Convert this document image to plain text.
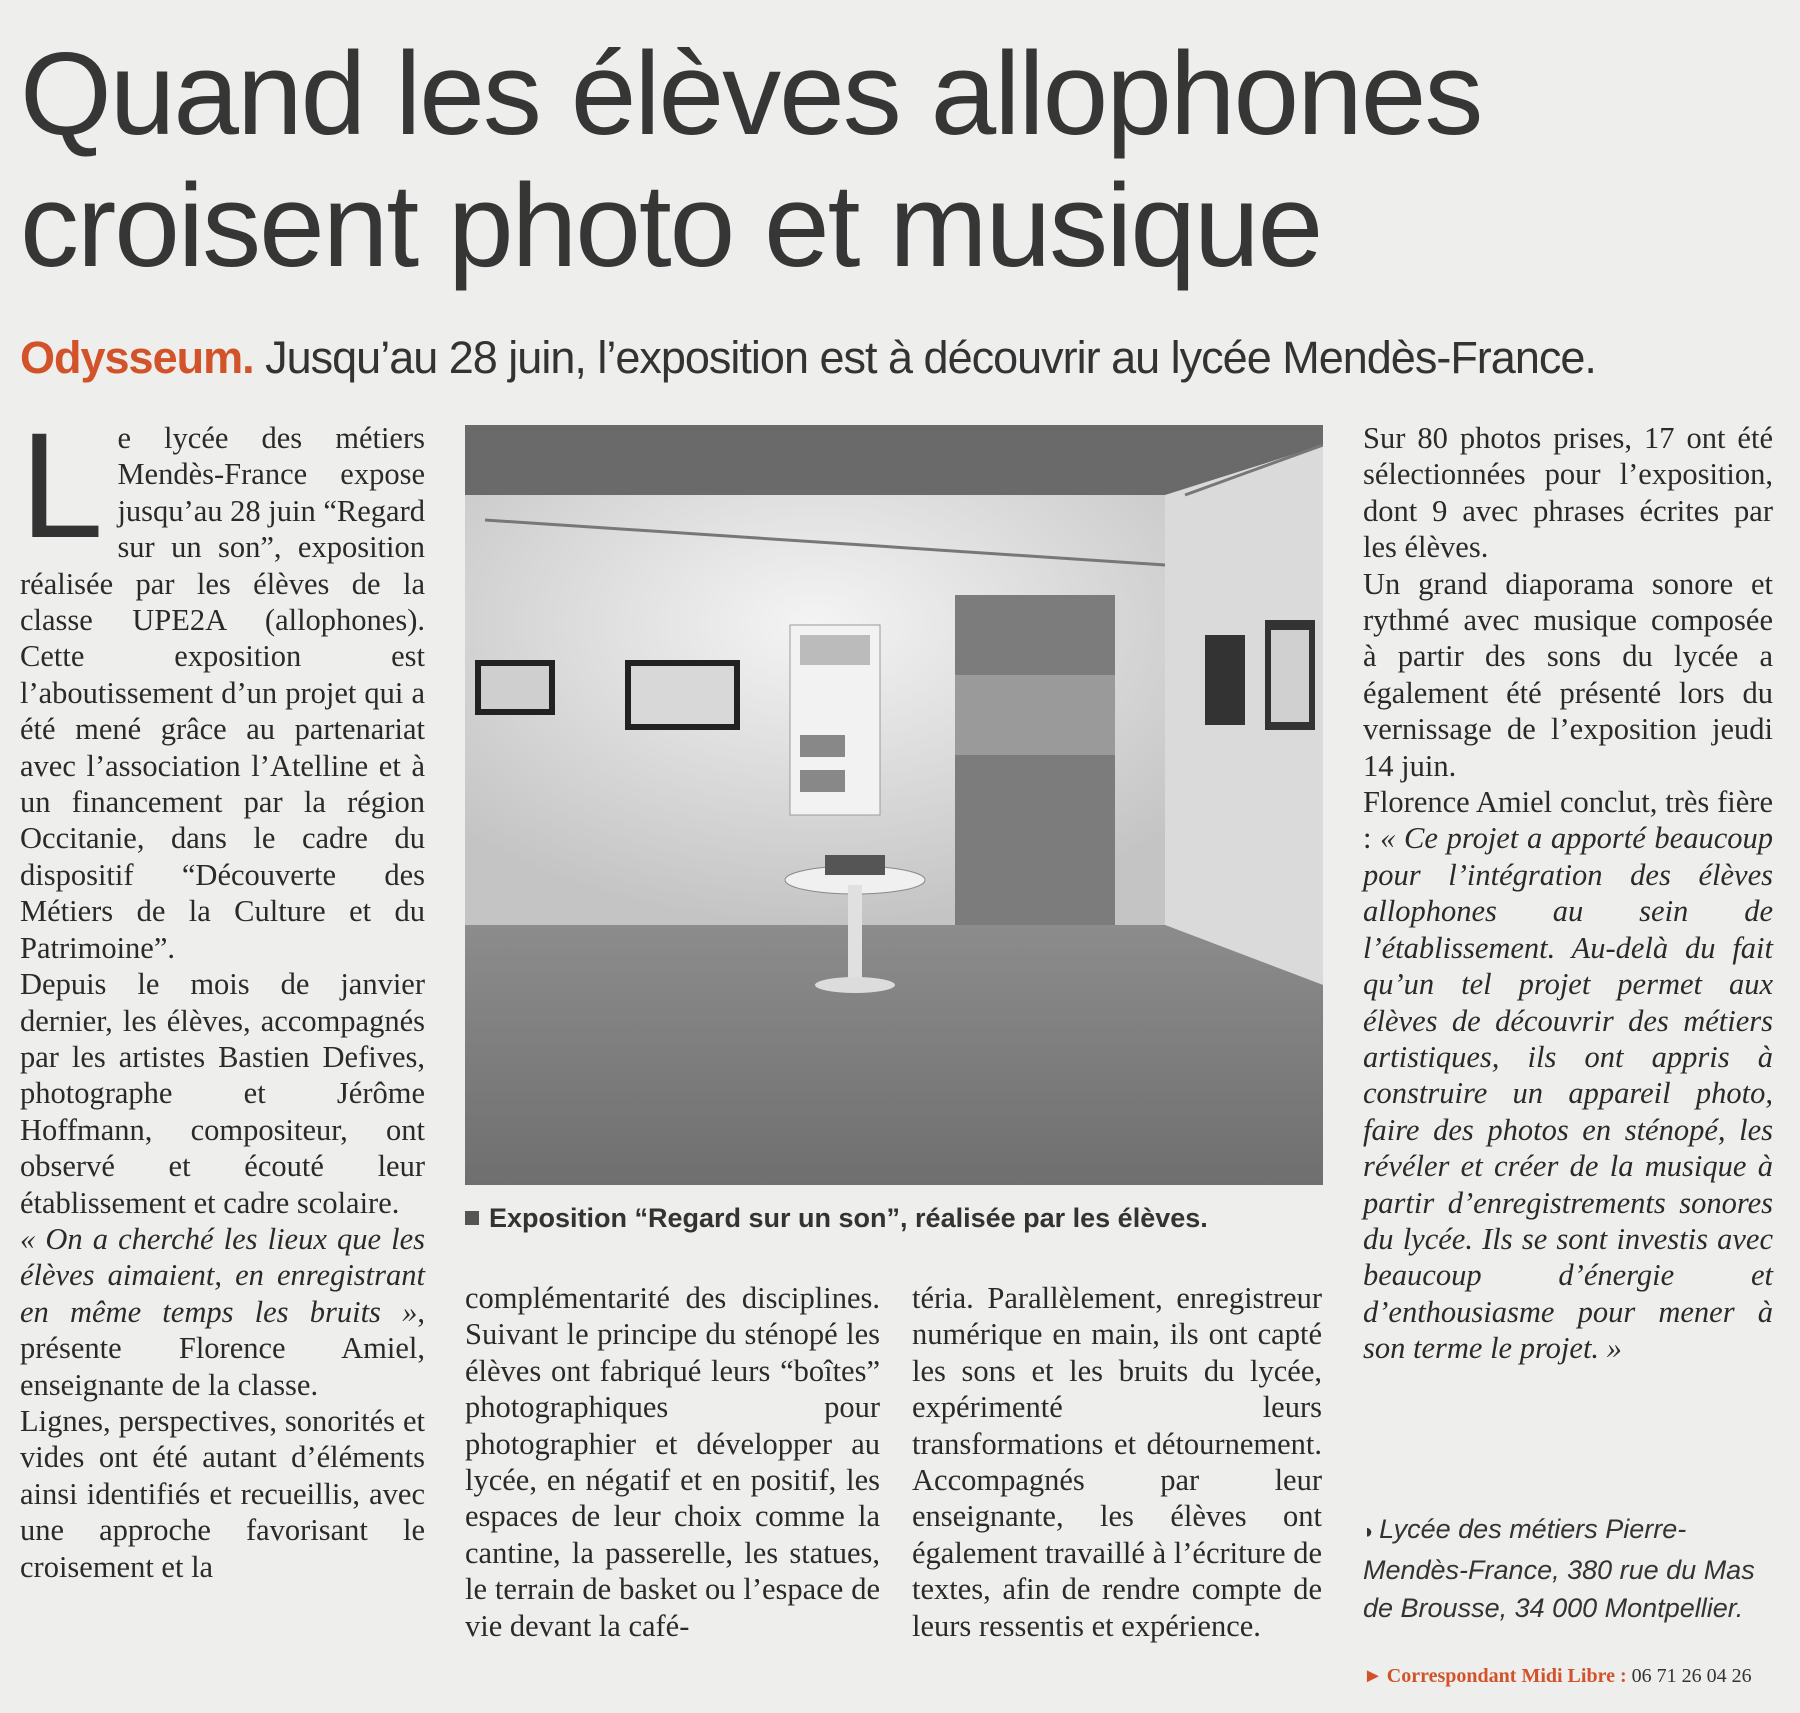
Quand les élèves allophones croisent photo et musique
Odysseum. Jusqu’au 28 juin, l’exposition est à découvrir au lycée Mendès-France.

Le lycée des métiers Mendès-France expose jusqu’au 28 juin “Regard sur un son”, exposition réalisée par les élèves de la classe UPE2A (allophones). Cette exposition est l’aboutissement d’un projet qui a été mené grâce au partenariat avec l’association l’Atelline et à un financement par la région Occitanie, dans le cadre du dispositif “Découverte des Métiers de la Culture et du Patrimoine”.

Depuis le mois de janvier dernier, les élèves, accompagnés par les artistes Bastien Defives, photographe et Jérôme Hoffmann, compositeur, ont observé et écouté leur établissement et cadre scolaire.

« On a cherché les lieux que les élèves aimaient, en enregistrant en même temps les bruits », présente Florence Amiel, enseignante de la classe.

Lignes, perspectives, sonorités et vides ont été autant d’éléments ainsi identifiés et recueillis, avec une approche favorisant le croisement et la

Exposition “Regard sur un son”, réalisée par les élèves.

complémentarité des disciplines. Suivant le principe du sténopé les élèves ont fabriqué leurs “boîtes” photographiques pour photographier et développer au lycée, en négatif et en positif, les espaces de leur choix comme la cantine, la passerelle, les statues, le terrain de basket ou l’espace de vie devant la café-

téria. Parallèlement, enregistreur numérique en main, ils ont capté les sons et les bruits du lycée, expérimenté leurs transformations et détournement. Accompagnés par leur enseignante, les élèves ont également travaillé à l’écriture de textes, afin de rendre compte de leurs ressentis et expérience.

Sur 80 photos prises, 17 ont été sélectionnées pour l’exposition, dont 9 avec phrases écrites par les élèves.

Un grand diaporama sonore et rythmé avec musique composée à partir des sons du lycée a également été présenté lors du vernissage de l’exposition jeudi 14 juin.

Florence Amiel conclut, très fière : « Ce projet a apporté beaucoup pour l’intégration des élèves allophones au sein de l’établissement. Au-delà du fait qu’un tel projet permet aux élèves de découvrir des métiers artistiques, ils ont appris à construire un appareil photo, faire des photos en sténopé, les révéler et créer de la musique à partir d’enregistrements sonores du lycée. Ils se sont investis avec beaucoup d’énergie et d’enthousiasme pour mener à son terme le projet. »

◗ Lycée des métiers Pierre-Mendès-France, 380 rue du Mas de Brousse, 34 000 Montpellier.
► Correspondant Midi Libre : 06 71 26 04 26
